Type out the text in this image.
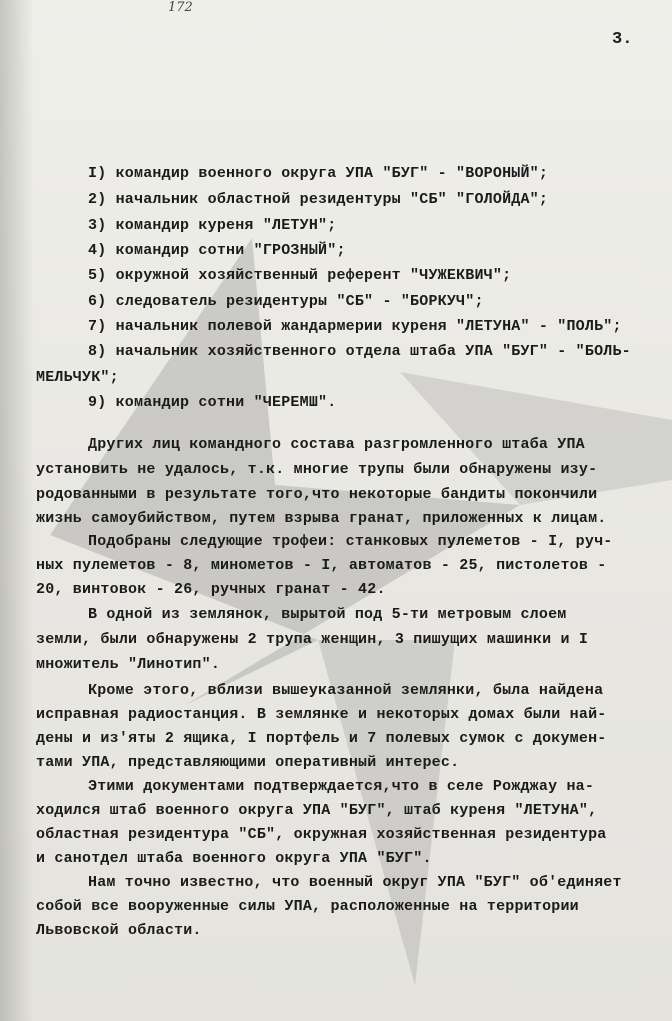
172
3.
I) командир военного округа УПА "БУГ" - "ВОРОНЫЙ";
2) начальник областной резидентуры "СБ" "ГОЛОЙДА";
3) командир куреня "ЛЕТУН";
4) командир сотни "ГРОЗНЫЙ";
5) окружной хозяйственный референт "ЧУЖЕКВИЧ";
6) следователь резидентуры "СБ" - "БОРКУЧ";
7) начальник полевой жандармерии куреня "ЛЕТУНА" - "ПОЛЬ";
8) начальник хозяйственного отдела штаба УПА "БУГ" - "БОЛЬ-
МЕЛЬЧУК";
9) командир сотни "ЧЕРЕМШ".
Других лиц командного состава разгромленного штаба УПА
установить не удалось, т.к. многие трупы были обнаружены изу-
родованными в результате того,что некоторые бандиты покончили
жизнь самоубийством, путем взрыва гранат, приложенных к лицам.
Подобраны следующие трофеи: станковых пулеметов - I, руч-
ных пулеметов - 8, минометов - I, автоматов - 25, пистолетов -
20, винтовок - 26, ручных гранат - 42.
В одной из землянок, вырытой под 5-ти метровым слоем
земли, были обнаружены 2 трупа женщин, 3 пишущих машинки и I
множитель "Линотип".
Кроме этого, вблизи вышеуказанной землянки, была найдена
исправная радиостанция. В землянке и некоторых домах были най-
дены и из'яты 2 ящика, I портфель и 7 полевых сумок с докумен-
тами УПА, представляющими оперативный интерес.
Этими документами подтверждается,что в селе Рожджау на-
ходился штаб военного округа УПА "БУГ", штаб куреня "ЛЕТУНА",
областная резидентура "СБ", окружная хозяйственная резидентура
и санотдел штаба военного округа УПА "БУГ".
Нам точно известно, что военный округ УПА "БУГ" об'единяет
собой все вооруженные силы УПА, расположенные на территории
Львовской области.
